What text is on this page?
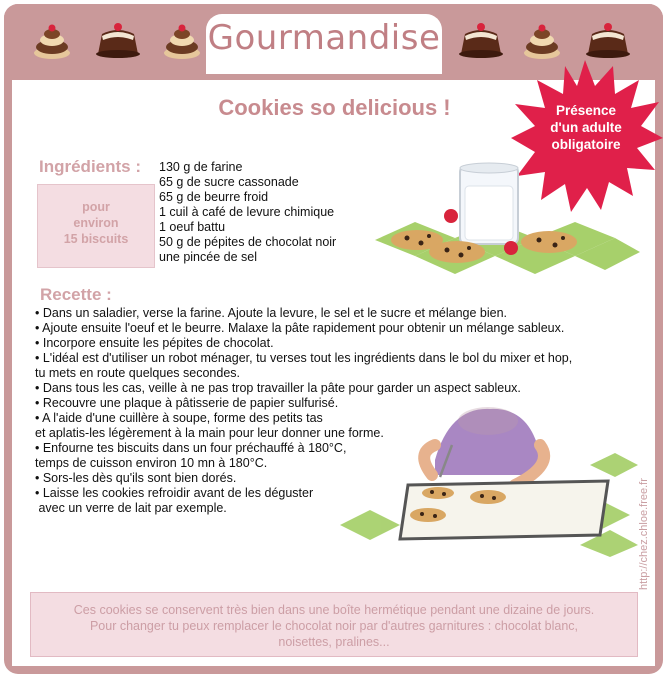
Gourmandise
Cookies so delicious !	Présence
d'un adulte
obligatoire
Ingrédients :
pour
environ
15 biscuits
130 g de farine
65 g de sucre cassonade
65 g de beurre froid
1 cuil à café de levure chimique
1 oeuf battu
50 g de pépites de chocolat noir
une pincée de sel
Recette :
• Dans un saladier, verse la farine. Ajoute la levure, le sel et le sucre et mélange bien.
• Ajoute ensuite l'oeuf et le beurre. Malaxe la pâte rapidement pour obtenir un mélange sableux.
• Incorpore ensuite les pépites de chocolat.
• L'idéal est d'utiliser un robot ménager, tu verses tout les ingrédients dans le bol du mixer et hop,
tu mets en route quelques secondes.
• Dans tous les cas, veille à ne pas trop travailler la pâte pour garder un aspect sableux.
• Recouvre une plaque à pâtisserie de papier sulfurisé.
• A l'aide d'une cuillère à soupe, forme des petits tas
et aplatis-les légèrement à la main pour leur donner une forme.
• Enfourne tes biscuits dans un four préchauffé à 180°C,
temps de cuisson environ 10 mn à 180°C.
• Sors-les dès qu'ils sont bien dorés.
• Laisse les cookies refroidir avant de les déguster
avec un verre de lait par exemple.
Ces cookies se conservent très bien dans une boîte hermétique pendant une dizaine de jours.
Pour changer tu peux remplacer le chocolat noir par d'autres garnitures : chocolat blanc,
noisettes, pralines...
http://chez.chloe.free.fr
